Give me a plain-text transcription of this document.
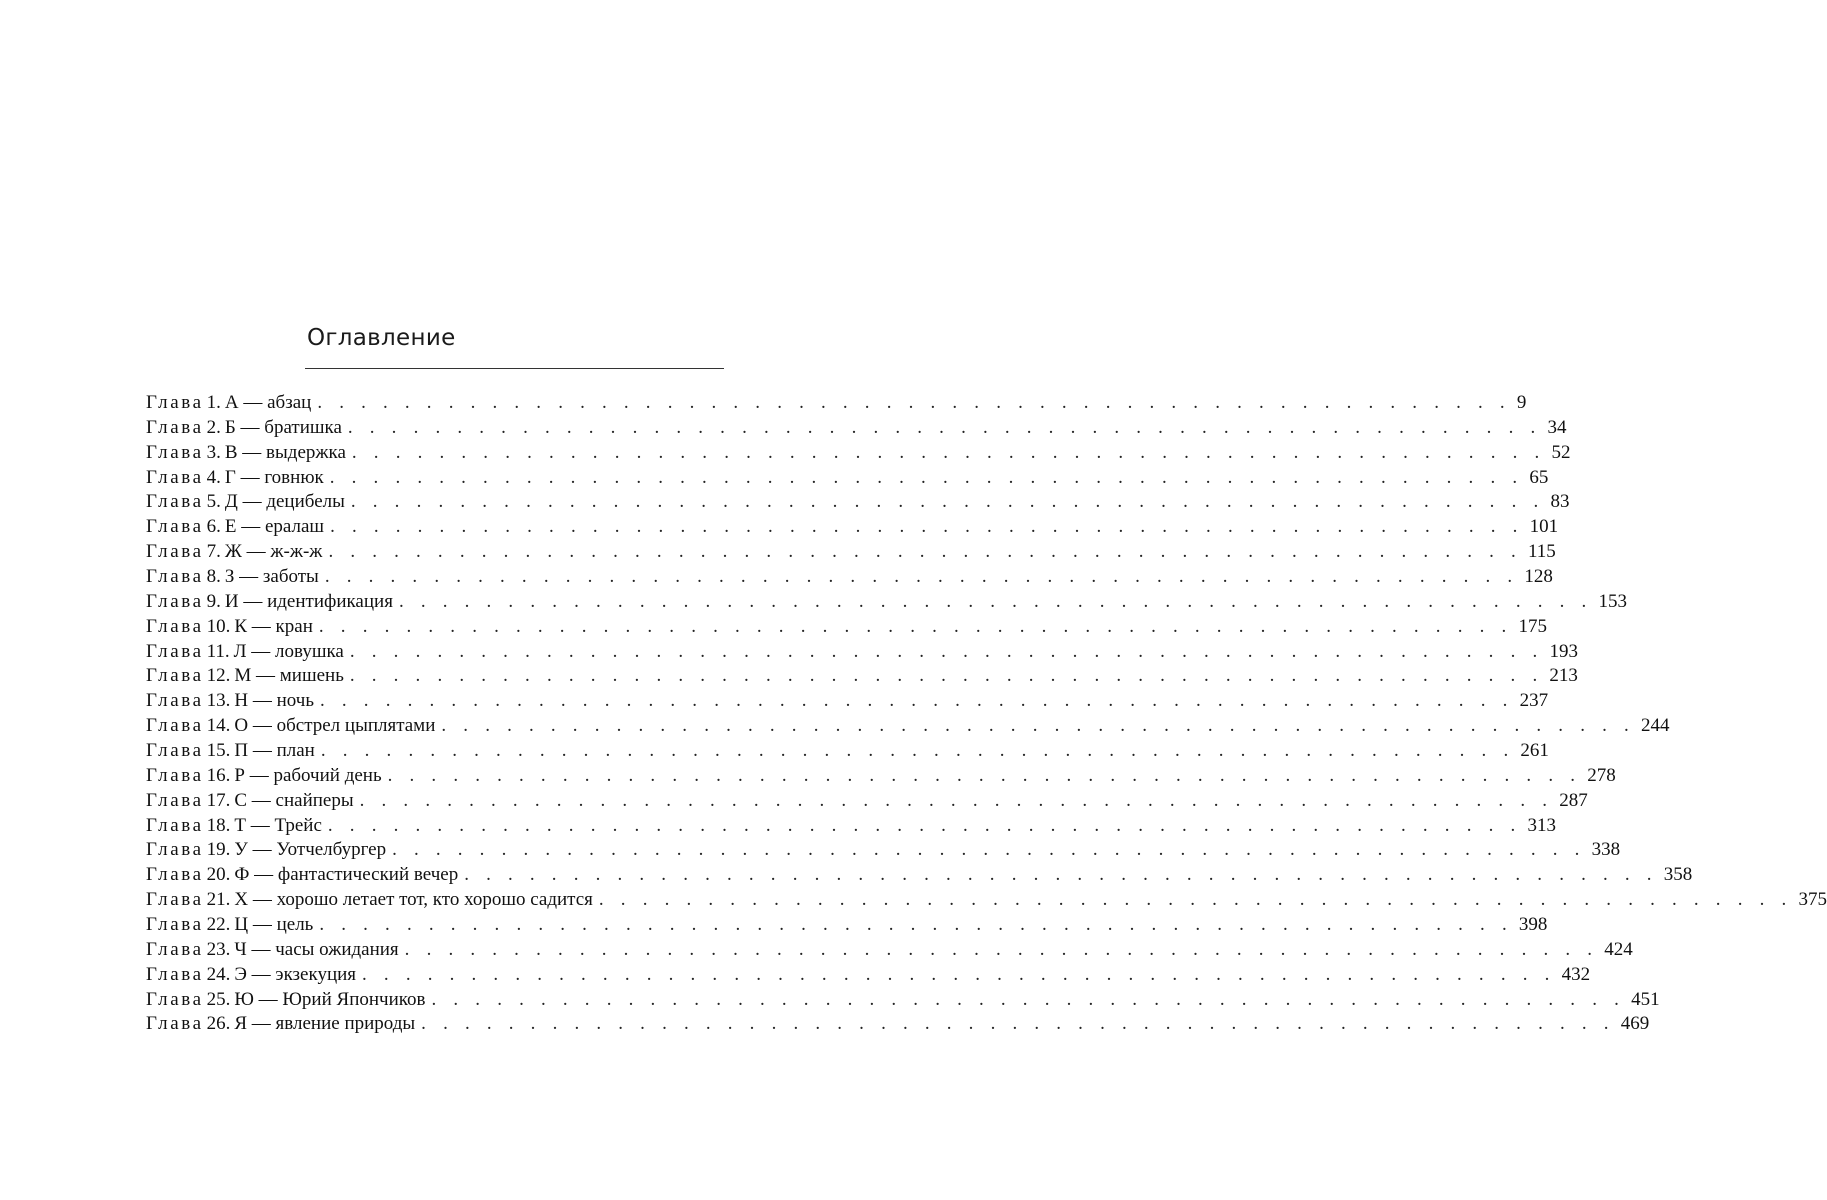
Оглавление
Глава 1. А — абзац . . . . . . . . . . . . . . . . . . . . . . . . . . . . . . . . . . . . . . . . . . . . . . . . . . . . . . . 9
Глава 2. Б — братишка . . . . . . . . . . . . . . . . . . . . . . . . . . . . . . . . . . . . . . . . . . . . . . . . . . . . . . . 34
Глава 3. В — выдержка . . . . . . . . . . . . . . . . . . . . . . . . . . . . . . . . . . . . . . . . . . . . . . . . . . . . . . . 52
Глава 4. Г — говнюк . . . . . . . . . . . . . . . . . . . . . . . . . . . . . . . . . . . . . . . . . . . . . . . . . . . . . . . 65
Глава 5. Д — децибелы . . . . . . . . . . . . . . . . . . . . . . . . . . . . . . . . . . . . . . . . . . . . . . . . . . . . . . . 83
Глава 6. Е — ералаш . . . . . . . . . . . . . . . . . . . . . . . . . . . . . . . . . . . . . . . . . . . . . . . . . . . . . . . 101
Глава 7. Ж — ж-ж-ж . . . . . . . . . . . . . . . . . . . . . . . . . . . . . . . . . . . . . . . . . . . . . . . . . . . . . . . 115
Глава 8. З — заботы . . . . . . . . . . . . . . . . . . . . . . . . . . . . . . . . . . . . . . . . . . . . . . . . . . . . . . . 128
Глава 9. И — идентификация . . . . . . . . . . . . . . . . . . . . . . . . . . . . . . . . . . . . . . . . . . . . . . . . . . . . . . . 153
Глава 10. К — кран . . . . . . . . . . . . . . . . . . . . . . . . . . . . . . . . . . . . . . . . . . . . . . . . . . . . . . . 175
Глава 11. Л — ловушка . . . . . . . . . . . . . . . . . . . . . . . . . . . . . . . . . . . . . . . . . . . . . . . . . . . . . . . 193
Глава 12. М — мишень . . . . . . . . . . . . . . . . . . . . . . . . . . . . . . . . . . . . . . . . . . . . . . . . . . . . . . . 213
Глава 13. Н — ночь . . . . . . . . . . . . . . . . . . . . . . . . . . . . . . . . . . . . . . . . . . . . . . . . . . . . . . . 237
Глава 14. О — обстрел цыплятами . . . . . . . . . . . . . . . . . . . . . . . . . . . . . . . . . . . . . . . . . . . . . . . . . . . . . . . 244
Глава 15. П — план . . . . . . . . . . . . . . . . . . . . . . . . . . . . . . . . . . . . . . . . . . . . . . . . . . . . . . . 261
Глава 16. Р — рабочий день . . . . . . . . . . . . . . . . . . . . . . . . . . . . . . . . . . . . . . . . . . . . . . . . . . . . . . . 278
Глава 17. С — снайперы . . . . . . . . . . . . . . . . . . . . . . . . . . . . . . . . . . . . . . . . . . . . . . . . . . . . . . . 287
Глава 18. Т — Трейс . . . . . . . . . . . . . . . . . . . . . . . . . . . . . . . . . . . . . . . . . . . . . . . . . . . . . . . 313
Глава 19. У — Уотчелбургер . . . . . . . . . . . . . . . . . . . . . . . . . . . . . . . . . . . . . . . . . . . . . . . . . . . . . . . 338
Глава 20. Ф — фантастический вечер . . . . . . . . . . . . . . . . . . . . . . . . . . . . . . . . . . . . . . . . . . . . . . . . . . . . . . . 358
Глава 21. Х — хорошо летает тот, кто хорошо садится . . . . . . . . . . . . . . . . . . . . . . . . . . . . . . . . . . . . . . . . . . . . . . . . . . . . . . . 375
Глава 22. Ц — цель . . . . . . . . . . . . . . . . . . . . . . . . . . . . . . . . . . . . . . . . . . . . . . . . . . . . . . . 398
Глава 23. Ч — часы ожидания . . . . . . . . . . . . . . . . . . . . . . . . . . . . . . . . . . . . . . . . . . . . . . . . . . . . . . . 424
Глава 24. Э — экзекуция . . . . . . . . . . . . . . . . . . . . . . . . . . . . . . . . . . . . . . . . . . . . . . . . . . . . . . . 432
Глава 25. Ю — Юрий Япончиков . . . . . . . . . . . . . . . . . . . . . . . . . . . . . . . . . . . . . . . . . . . . . . . . . . . . . . . 451
Глава 26. Я — явление природы . . . . . . . . . . . . . . . . . . . . . . . . . . . . . . . . . . . . . . . . . . . . . . . . . . . . . . . 469
